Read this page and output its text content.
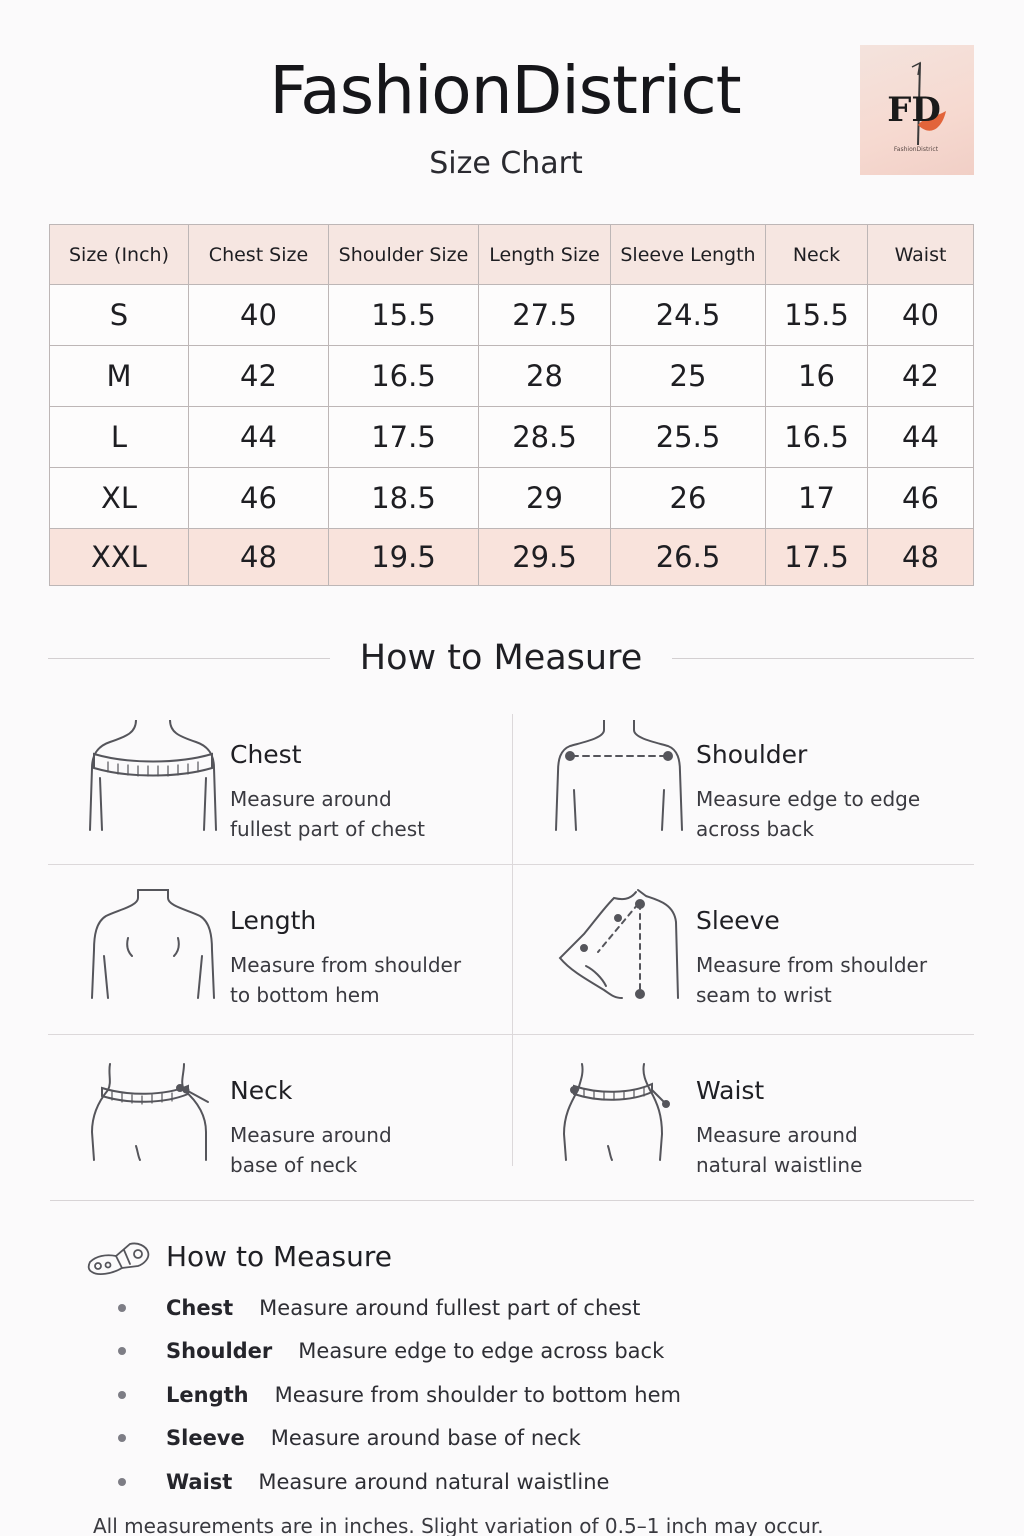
FashionDistrict
Size Chart
FD
FashionDistrict
Size (Inch)	Chest Size	Shoulder Size	Length Size	Sleeve Length	Neck	Waist
S	40	15.5	27.5	24.5	15.5	40
M	42	16.5	28	25	16	42
L	44	17.5	28.5	25.5	16.5	44
XL	46	18.5	29	26	17	46
XXL	48	19.5	29.5	26.5	17.5	48
How to Measure
Chest
Measure around
fullest part of chest
Shoulder
Measure edge to edge
across back
Length
Measure from shoulder
to bottom hem
Sleeve
Measure from shoulder
seam to wrist
Neck
Measure around
base of neck
Waist
Measure around
natural waistline
How to Measure
Chest Measure around fullest part of chest
Shoulder Measure edge to edge across back
Length Measure from shoulder to bottom hem
Sleeve Measure around base of neck
Waist Measure around natural waistline
All measurements are in inches. Slight variation of 0.5–1 inch may occur.
